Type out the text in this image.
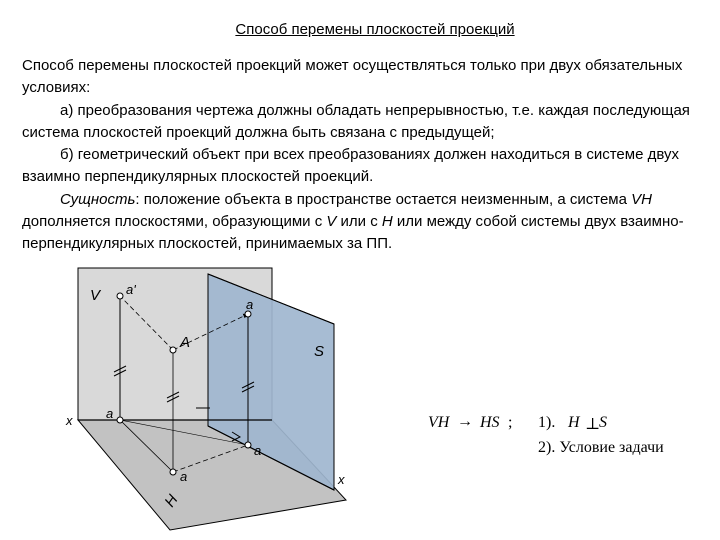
Способ перемены плоскостей проекций

Способ перемены плоскостей проекций может осуществляться только при двух обязательных условиях:

а) преобразования чертежа должны обладать непрерывностью, т.е. каждая последующая система плоскостей проекций должна быть связана с предыдущей;

б) геометрический объект при всех преобразованиях должен находиться в системе двух взаимно перпендикулярных плоскостей проекций.

Сущность: положение объекта в пространстве остается неизменным, а система VH дополняется плоскостями, образующими с V или с H или между собой системы двух взаимно-перпендикулярных плоскостей, принимаемых за ПП.

V
S
H
A
a'
a
a
a
a
x
x
VH → HS ; 1). H ⊥
S
2). Условие задачи
